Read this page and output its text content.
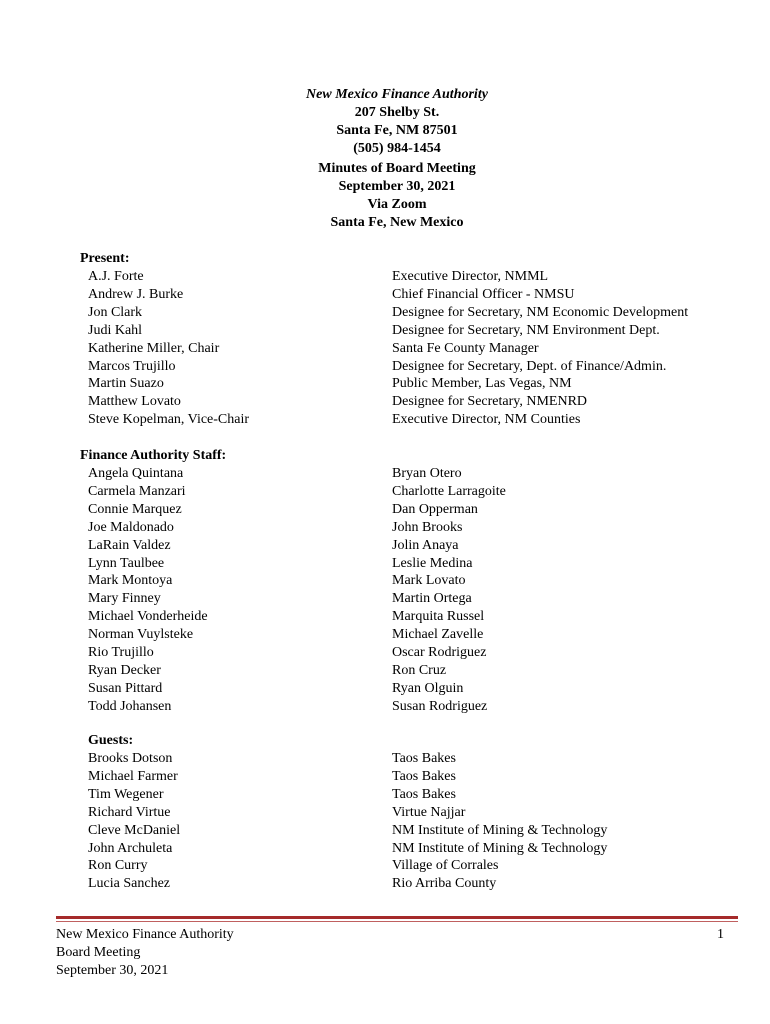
New Mexico Finance Authority
207 Shelby St.
Santa Fe, NM 87501
(505) 984-1454
Minutes of Board Meeting
September 30, 2021
Via Zoom
Santa Fe, New Mexico
Present:
A.J. Forte
Andrew J. Burke
Jon Clark
Judi Kahl
Katherine Miller, Chair
Marcos Trujillo
Martin Suazo
Matthew Lovato
Steve Kopelman, Vice-Chair
Executive Director, NMML
Chief Financial Officer - NMSU
Designee for Secretary, NM Economic Development
Designee for Secretary, NM Environment Dept.
Santa Fe County Manager
Designee for Secretary, Dept. of Finance/Admin.
Public Member, Las Vegas, NM
Designee for Secretary, NMENRD
Executive Director, NM Counties
Finance Authority Staff:
Angela Quintana
Carmela Manzari
Connie Marquez
Joe Maldonado
LaRain Valdez
Lynn Taulbee
Mark Montoya
Mary Finney
Michael Vonderheide
Norman Vuylsteke
Rio Trujillo
Ryan Decker
Susan Pittard
Todd Johansen
Bryan Otero
Charlotte Larragoite
Dan Opperman
John Brooks
Jolin Anaya
Leslie Medina
Mark Lovato
Martin Ortega
Marquita Russel
Michael Zavelle
Oscar Rodriguez
Ron Cruz
Ryan Olguin
Susan Rodriguez
Guests:
Brooks Dotson
Michael Farmer
Tim Wegener
Richard Virtue
Cleve McDaniel
John Archuleta
Ron Curry
Lucia Sanchez
Taos Bakes
Taos Bakes
Taos Bakes
Virtue Najjar
NM Institute of Mining & Technology
NM Institute of Mining & Technology
Village of Corrales
Rio Arriba County
New Mexico Finance Authority
Board Meeting
September 30, 2021
1
